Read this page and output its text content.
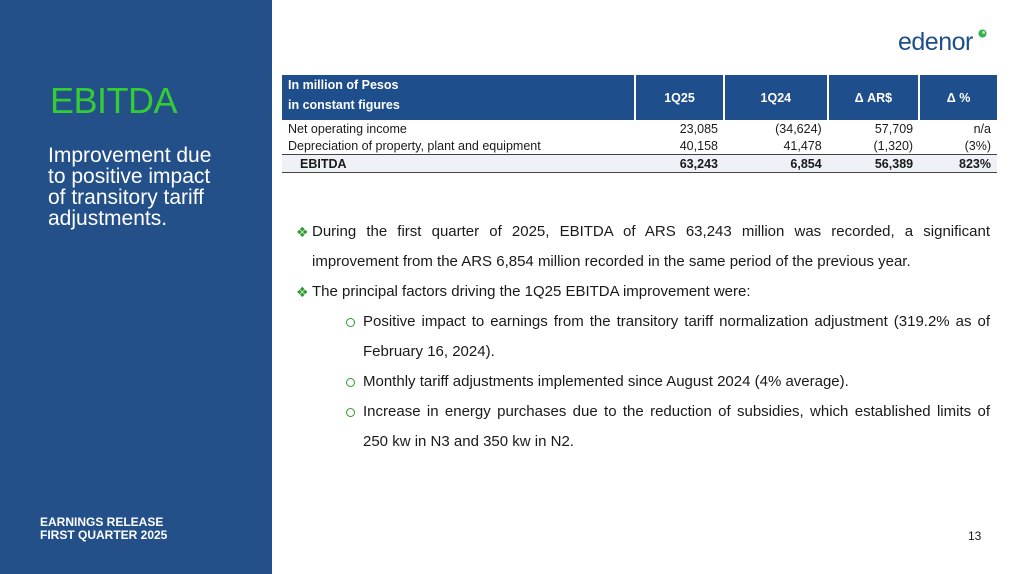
EBITDA
Improvement due
to positive impact
of transitory tariff
adjustments.
EARNINGS RELEASE
FIRST QUARTER 2025
edenor
In million of Pesos
in constant figures	1Q25	1Q24	Δ AR$	Δ %
Net operating income	23,085	(34,624)	57,709	n/a
Depreciation of property, plant and equipment	40,158	41,478	(1,320)	(3%)
EBITDA	63,243	6,854	56,389	823%
❖ During the first quarter of 2025, EBITDA of ARS 63,243 million was recorded, a significant improvement from the ARS 6,854 million recorded in the same period of the previous year.
❖ The principal factors driving the 1Q25 EBITDA improvement were:
Positive impact to earnings from the transitory tariff normalization adjustment (319.2% as of February 16, 2024).
Monthly tariff adjustments implemented since August 2024 (4% average).
Increase in energy purchases due to the reduction of subsidies, which established limits of 250 kw in N3 and 350 kw in N2.
13
